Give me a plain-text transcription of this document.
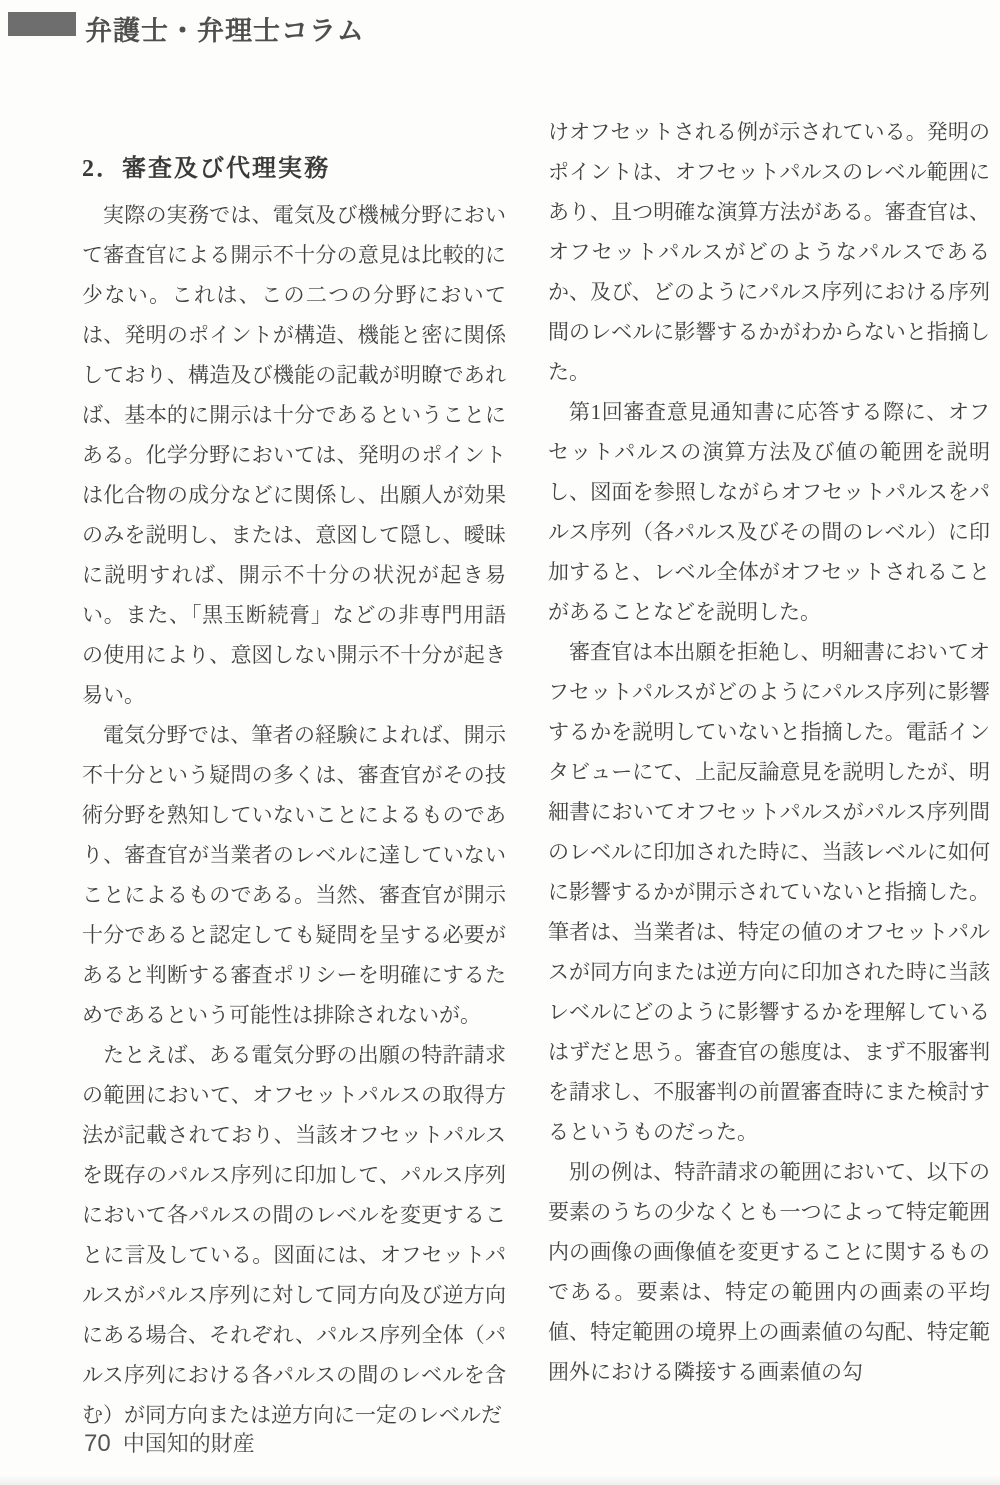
弁護士・弁理士コラム
2．審査及び代理実務

実際の実務では、電気及び機械分野において審査官による開示不十分の意見は比較的に少ない。これは、この二つの分野においては、発明のポイントが構造、機能と密に関係しており、構造及び機能の記載が明瞭であれば、基本的に開示は十分であるということにある。化学分野においては、発明のポイントは化合物の成分などに関係し、出願人が効果のみを説明し、または、意図して隠し、曖昧に説明すれば、開示不十分の状況が起き易い。また、「黒玉断続膏」などの非専門用語の使用により、意図しない開示不十分が起き易い。

電気分野では、筆者の経験によれば、開示不十分という疑問の多くは、審査官がその技術分野を熟知していないことによるものであり、審査官が当業者のレベルに達していないことによるものである。当然、審査官が開示十分であると認定しても疑問を呈する必要があると判断する審査ポリシーを明確にするためであるという可能性は排除されないが。

たとえば、ある電気分野の出願の特許請求の範囲において、オフセットパルスの取得方法が記載されており、当該オフセットパルスを既存のパルス序列に印加して、パルス序列において各パルスの間のレベルを変更することに言及している。図面には、オフセットパルスがパルス序列に対して同方向及び逆方向にある場合、それぞれ、パルス序列全体（パルス序列における各パルスの間のレベルを含む）が同方向または逆方向に一定のレベルだ

けオフセットされる例が示されている。発明のポイントは、オフセットパルスのレベル範囲にあり、且つ明確な演算方法がある。審査官は、オフセットパルスがどのようなパルスであるか、及び、どのようにパルス序列における序列間のレベルに影響するかがわからないと指摘した。

第1回審査意見通知書に応答する際に、オフセットパルスの演算方法及び値の範囲を説明し、図面を参照しながらオフセットパルスをパルス序列（各パルス及びその間のレベル）に印加すると、レベル全体がオフセットされることがあることなどを説明した。

審査官は本出願を拒絶し、明細書においてオフセットパルスがどのようにパルス序列に影響するかを説明していないと指摘した。電話インタビューにて、上記反論意見を説明したが、明細書においてオフセットパルスがパルス序列間のレベルに印加された時に、当該レベルに如何に影響するかが開示されていないと指摘した。筆者は、当業者は、特定の値のオフセットパルスが同方向または逆方向に印加された時に当該レベルにどのように影響するかを理解しているはずだと思う。審査官の態度は、まず不服審判を請求し、不服審判の前置審査時にまた検討するというものだった。

別の例は、特許請求の範囲において、以下の要素のうちの少なくとも一つによって特定範囲内の画像の画像値を変更することに関するものである。要素は、特定の範囲内の画素の平均値、特定範囲の境界上の画素値の勾配、特定範囲外における隣接する画素値の勾

70 中国知的財産
